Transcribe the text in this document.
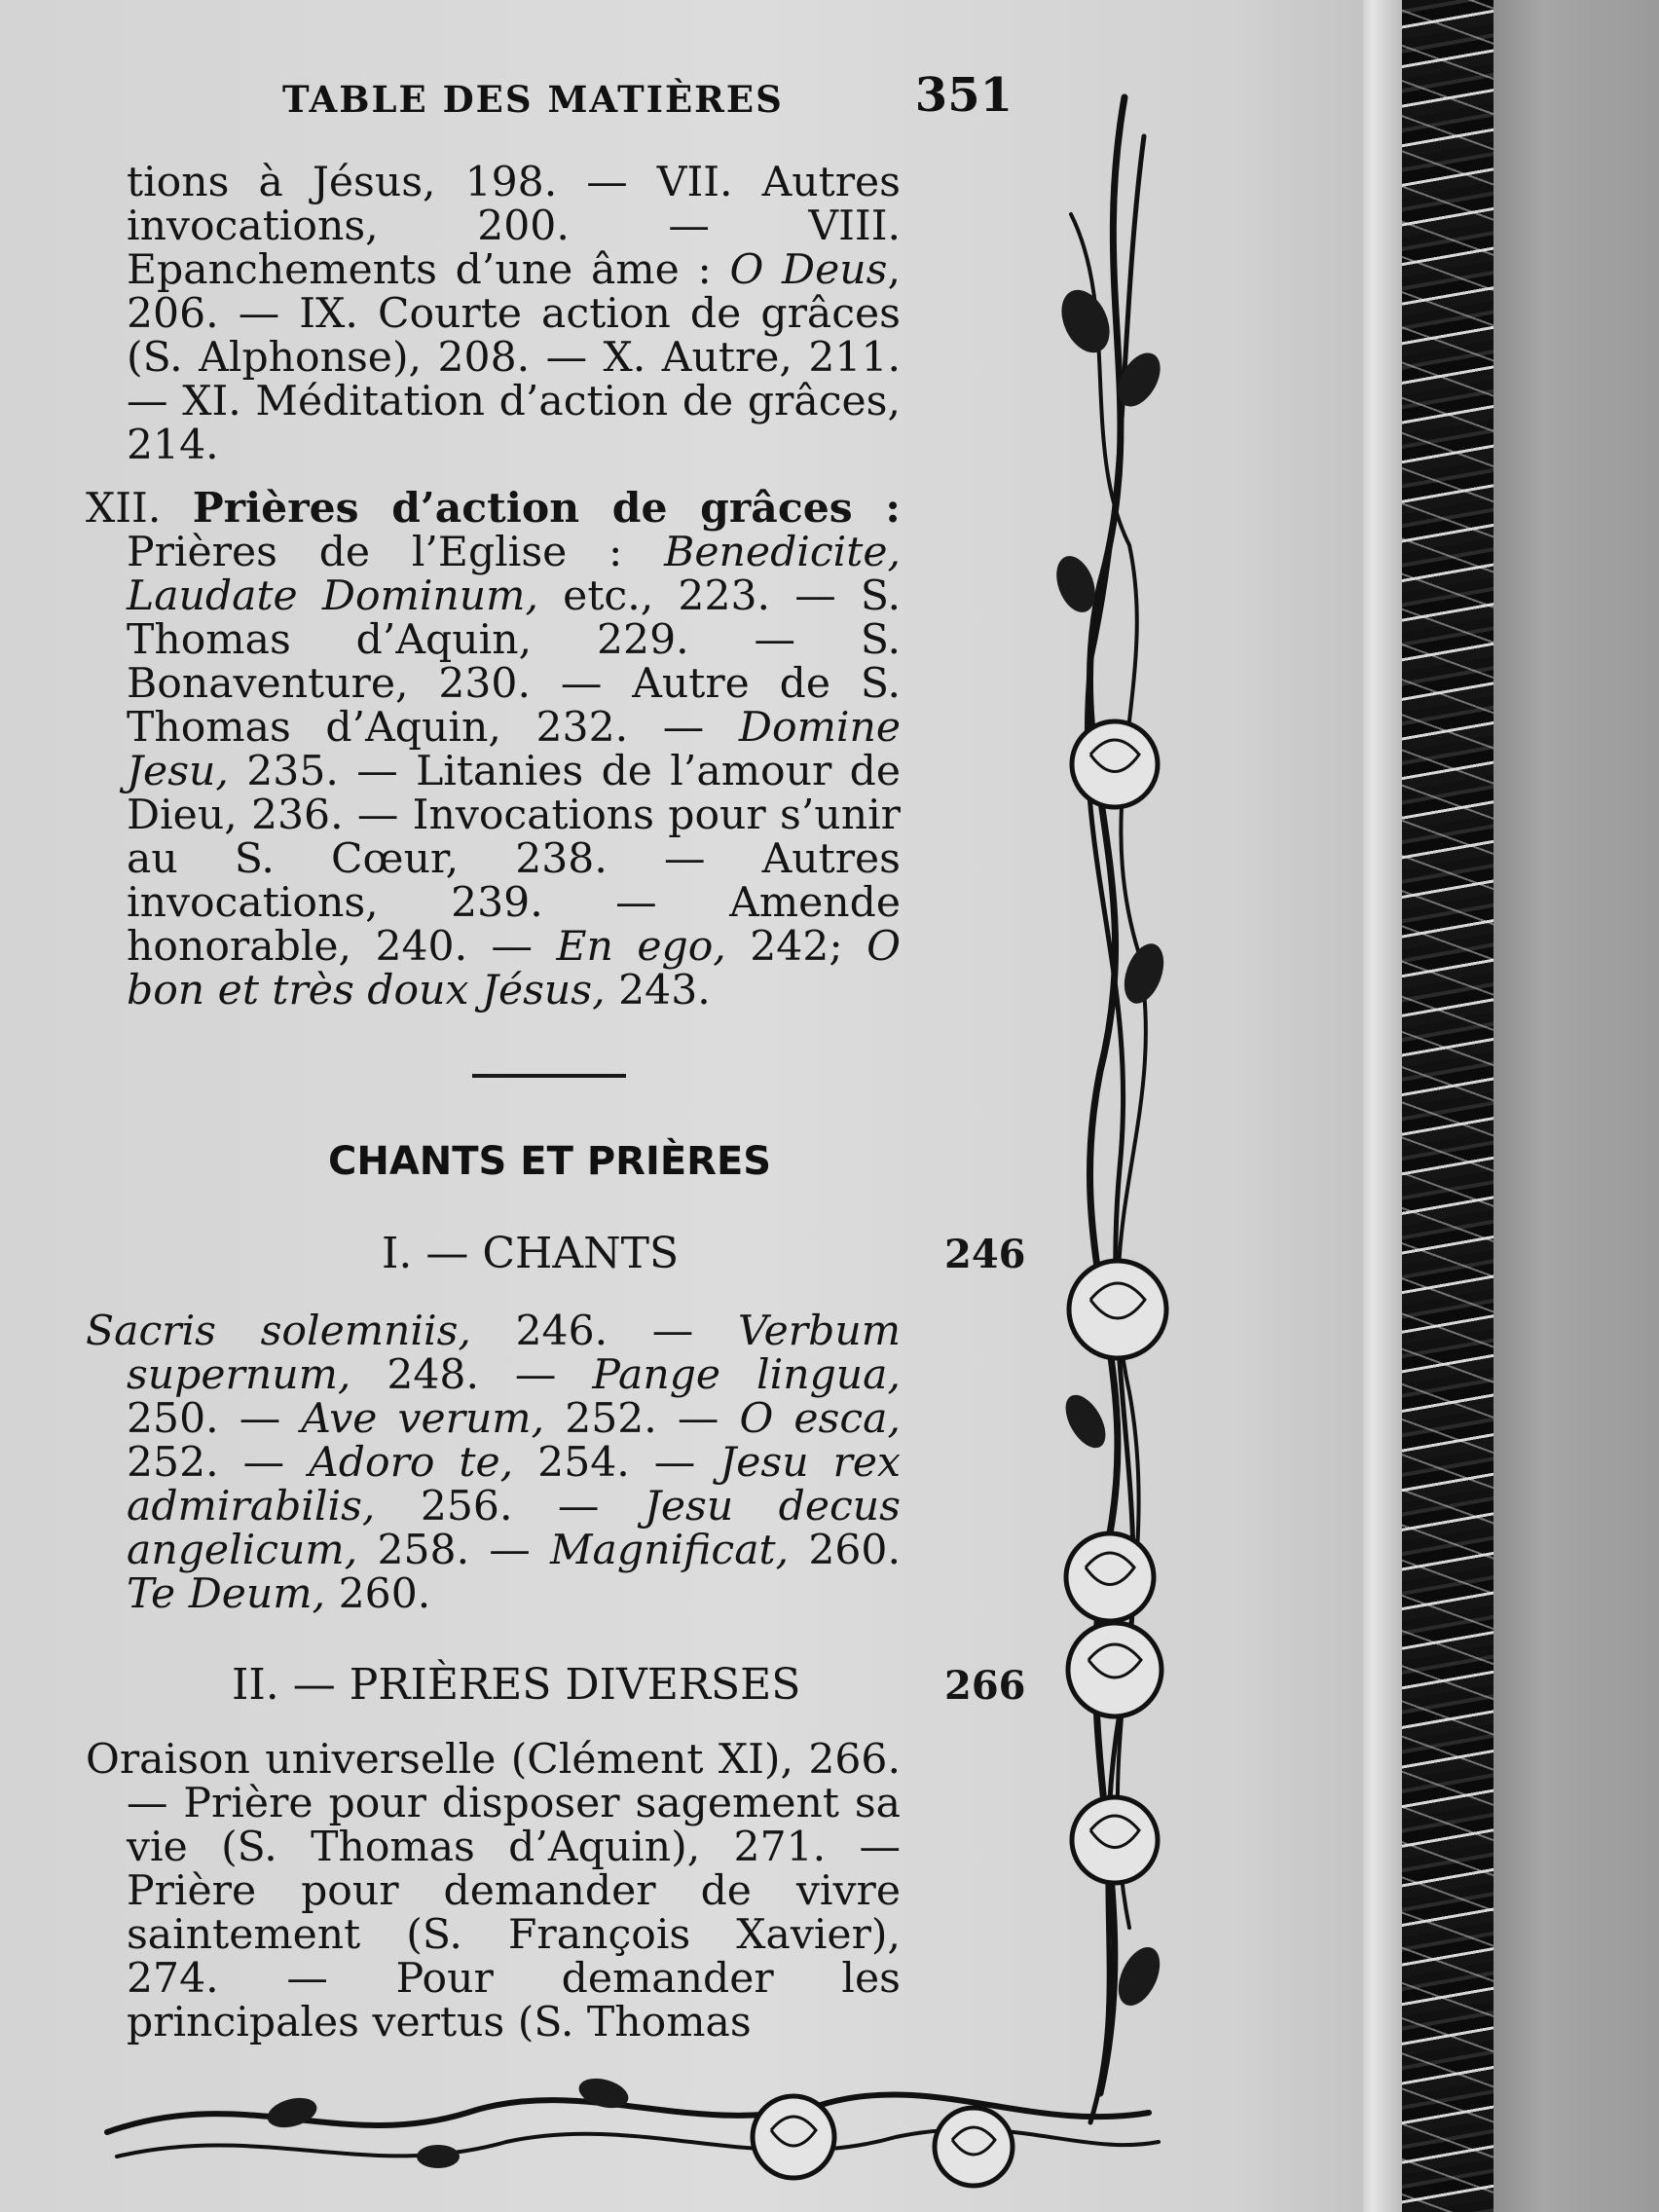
TABLE DES MATIÈRES	351

tions à Jésus, 198. — VII. Autres invocations, 200. — VIII. Epanchements d’une âme : O Deus, 206. — IX. Courte action de grâces (S. Alphonse), 208. — X. Autre, 211. — XI. Méditation d’action de grâces, 214.

XII. Prières d’action de grâces : Prières de l’Eglise : Benedicite, Laudate Dominum, etc., 223. — S. Thomas d’Aquin, 229. — S. Bonaventure, 230. — Autre de S. Thomas d’Aquin, 232. — Domine Jesu, 235. — Litanies de l’amour de Dieu, 236. — Invocations pour s’unir au S. Cœur, 238. — Autres invocations, 239. — Amende honorable, 240. — En ego, 242; O bon et très doux Jésus, 243.

CHANTS ET PRIÈRES
I. — CHANTS	246

Sacris solemniis, 246. — Verbum supernum, 248. — Pange lingua, 250. — Ave verum, 252. — O esca, 252. — Adoro te, 254. — Jesu rex admirabilis, 256. — Jesu decus angelicum, 258. — Magnificat, 260. Te Deum, 260.

II. — PRIÈRES DIVERSES	266

Oraison universelle (Clément XI), 266. — Prière pour disposer sagement sa vie (S. Thomas d’Aquin), 271. — Prière pour demander de vivre saintement (S. François Xavier), 274. — Pour demander les principales vertus (S. Thomas
